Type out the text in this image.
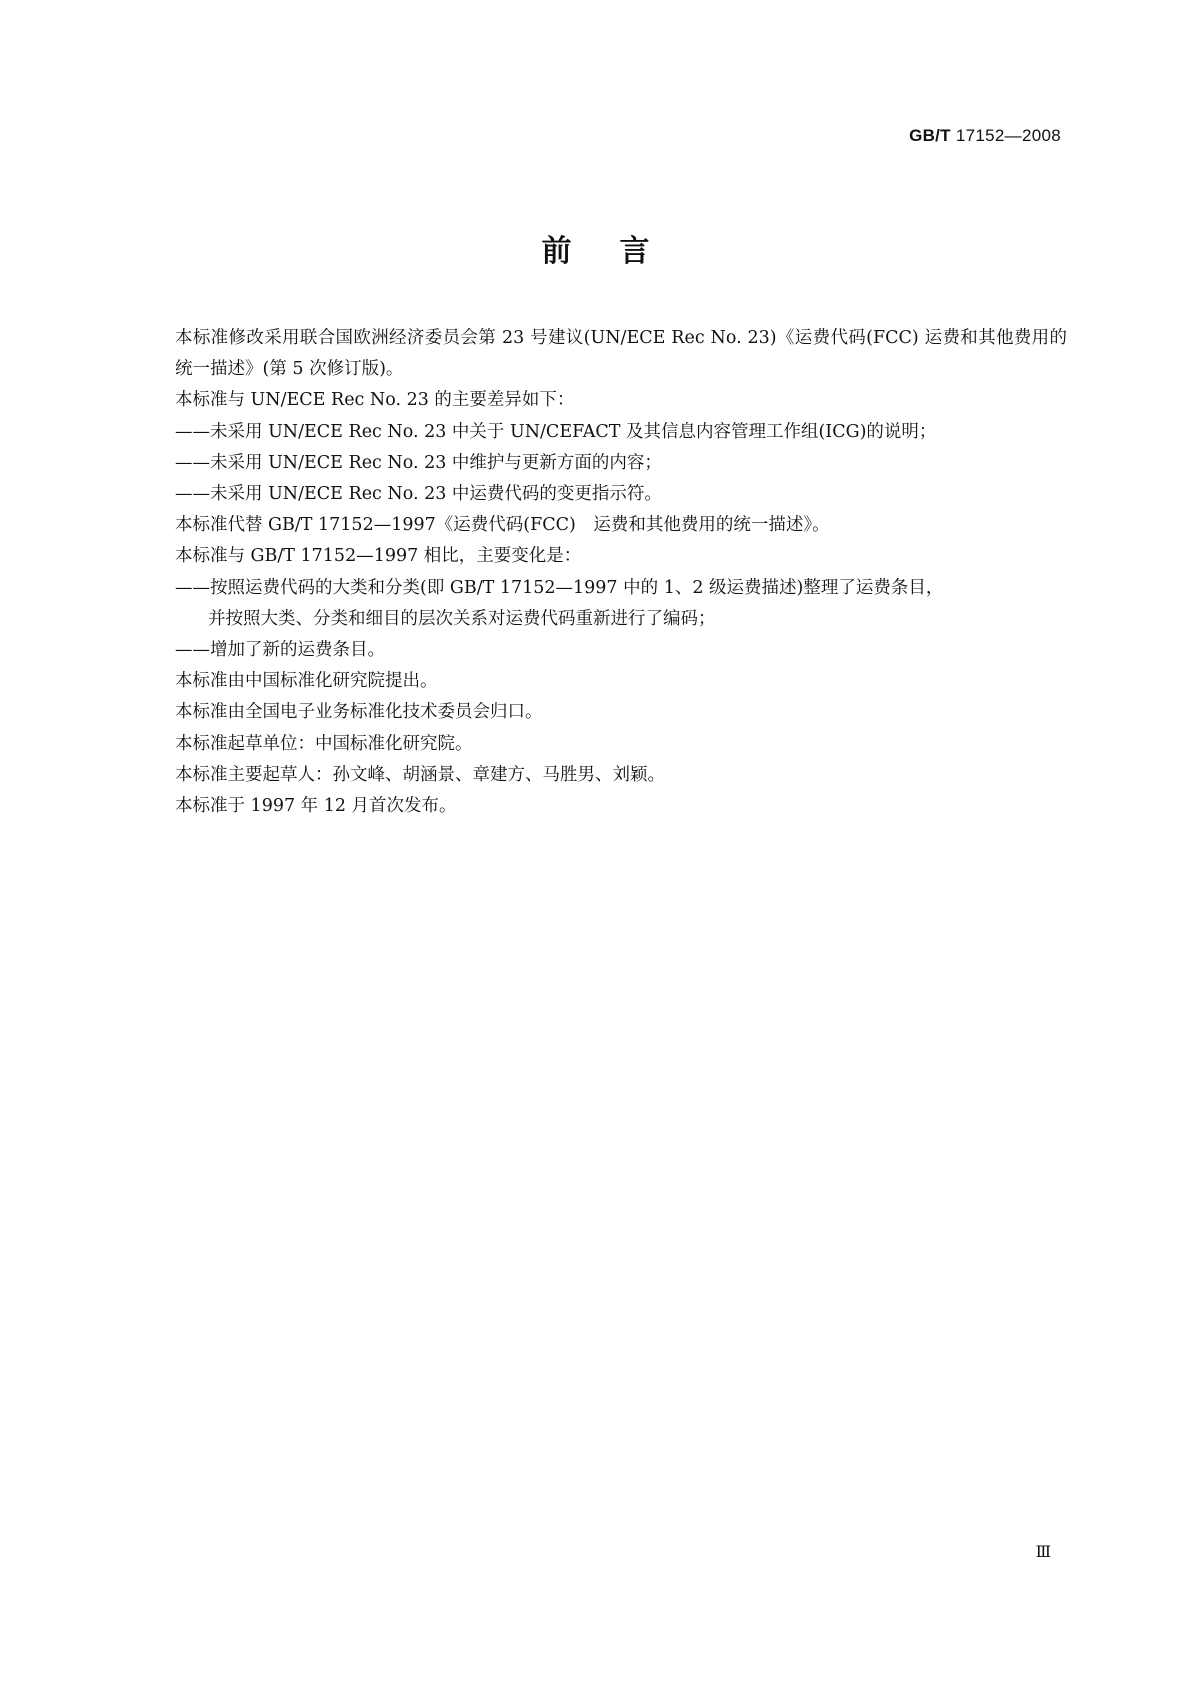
GB/T 17152—2008
前言

本标准修改采用联合国欧洲经济委员会第 23 号建议(UN/ECE Rec No. 23)《运费代码(FCC) 运费和其他费用的统一描述》(第 5 次修订版)。

本标准与 UN/ECE Rec No. 23 的主要差异如下：

——未采用 UN/ECE Rec No. 23 中关于 UN/CEFACT 及其信息内容管理工作组(ICG)的说明；

——未采用 UN/ECE Rec No. 23 中维护与更新方面的内容；

——未采用 UN/ECE Rec No. 23 中运费代码的变更指示符。

本标准代替 GB/T 17152—1997《运费代码(FCC)　运费和其他费用的统一描述》。

本标准与 GB/T 17152—1997 相比，主要变化是：

——按照运费代码的大类和分类(即 GB/T 17152—1997 中的 1、2 级运费描述)整理了运费条目，

并按照大类、分类和细目的层次关系对运费代码重新进行了编码；

——增加了新的运费条目。

本标准由中国标准化研究院提出。

本标准由全国电子业务标准化技术委员会归口。

本标准起草单位：中国标准化研究院。

本标准主要起草人：孙文峰、胡涵景、章建方、马胜男、刘颖。

本标准于 1997 年 12 月首次发布。

Ⅲ
